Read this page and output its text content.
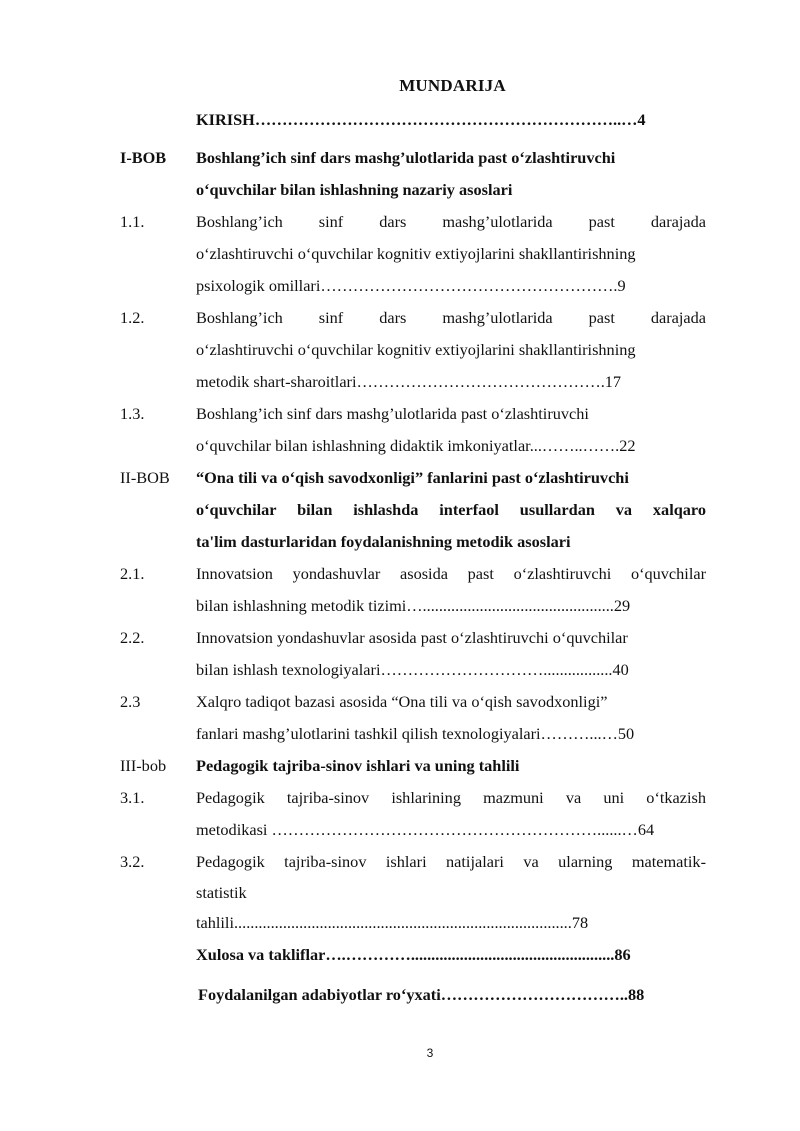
MUNDARIJA
KIRISH…………………………………………………………..…4
I-BOB Boshlang’ich sinf dars mashg’ulotlarida past o‘zlashtiruvchi
o‘quvchilar bilan ishlashning nazariy asoslari
1.1.	Boshlang’ich sinf dars mashg’ulotlarida past darajada
o‘zlashtiruvchi o‘quvchilar kognitiv extiyojlarini shakllantirishning
psixologik omillari……………………………………………….9
1.2.	Boshlang’ich sinf dars mashg’ulotlarida past darajada
o‘zlashtiruvchi o‘quvchilar kognitiv extiyojlarini shakllantirishning
metodik shart-sharoitlari……………………………………….17
1.3.	Boshlang’ich sinf dars mashg’ulotlarida past o‘zlashtiruvchi
o‘quvchilar bilan ishlashning didaktik imkoniyatlar...……..…….22
II-BOB “Ona tili va o‘qish savodxonligi” fanlarini past o‘zlashtiruvchi
o‘quvchilar bilan ishlashda interfaol usullardan va xalqaro
ta'lim dasturlaridan foydalanishning metodik asoslari
2.1.	Innovatsion yondashuvlar asosida past o‘zlashtiruvchi o‘quvchilar
bilan ishlashning metodik tizimi…...............................................29
2.2.	Innovatsion yondashuvlar asosida past o‘zlashtiruvchi o‘quvchilar
bilan ishlash texnologiyalari………………………….................40
2.3	Xalqro tadiqot bazasi asosida “Ona tili va o‘qish savodxonligi”
fanlari mashg’ulotlarini tashkil qilish texnologiyalari………...…50
III-bob Pedagogik tajriba-sinov ishlari va uning tahlili
3.1.	Pedagogik tajriba-sinov ishlarining mazmuni va uni o‘tkazish
metodikasi ……………………………………………………......…64
3.2.	Pedagogik tajriba-sinov ishlari natijalari va ularning matematik-
statistik
tahlili...................................................................................78
Xulosa va takliflar….…………..................................................86
Foydalanilgan adabiyotlar ro‘yxati……………………………..88
3
